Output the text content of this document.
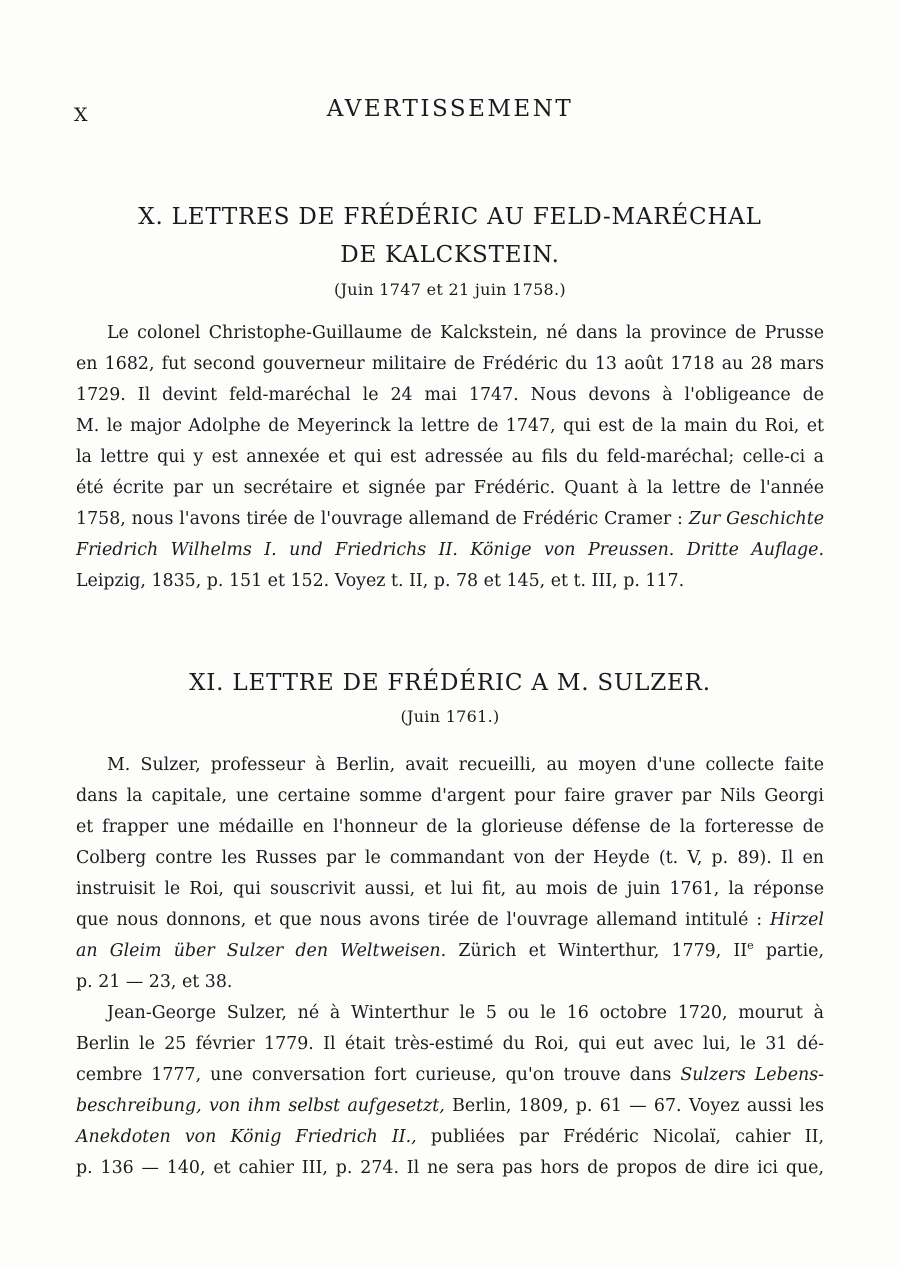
X	AVERTISSEMENT
X. LETTRES DE FRÉDÉRIC AU FELD-MARÉCHAL
DE KALCKSTEIN.
(Juin 1747 et 21 juin 1758.)
Le colonel Christophe-Guillaume de Kalckstein, né dans la province de Prusse
en 1682, fut second gouverneur militaire de Frédéric du 13 août 1718 au 28 mars
1729. Il devint feld-maréchal le 24 mai 1747. Nous devons à l'obligeance de
M. le major Adolphe de Meyerinck la lettre de 1747, qui est de la main du Roi, et
la lettre qui y est annexée et qui est adressée au fils du feld-maréchal; celle-ci a
été écrite par un secrétaire et signée par Frédéric. Quant à la lettre de l'année
1758, nous l'avons tirée de l'ouvrage allemand de Frédéric Cramer : Zur Geschichte
Friedrich Wilhelms I. und Friedrichs II. Könige von Preussen. Dritte Auflage.
Leipzig, 1835, p. 151 et 152. Voyez t. II, p. 78 et 145, et t. III, p. 117.
XI. LETTRE DE FRÉDÉRIC A M. SULZER.
(Juin 1761.)
M. Sulzer, professeur à Berlin, avait recueilli, au moyen d'une collecte faite
dans la capitale, une certaine somme d'argent pour faire graver par Nils Georgi
et frapper une médaille en l'honneur de la glorieuse défense de la forteresse de
Colberg contre les Russes par le commandant von der Heyde (t. V, p. 89). Il en
instruisit le Roi, qui souscrivit aussi, et lui fit, au mois de juin 1761, la réponse
que nous donnons, et que nous avons tirée de l'ouvrage allemand intitulé : Hirzel
an Gleim über Sulzer den Weltweisen. Zürich et Winterthur, 1779, IIe partie,
p. 21 — 23, et 38.
Jean-George Sulzer, né à Winterthur le 5 ou le 16 octobre 1720, mourut à
Berlin le 25 février 1779. Il était très-estimé du Roi, qui eut avec lui, le 31 dé-
cembre 1777, une conversation fort curieuse, qu'on trouve dans Sulzers Lebens-
beschreibung, von ihm selbst aufgesetzt, Berlin, 1809, p. 61 — 67. Voyez aussi les
Anekdoten von König Friedrich II., publiées par Frédéric Nicolaï, cahier II,
p. 136 — 140, et cahier III, p. 274. Il ne sera pas hors de propos de dire ici que,
